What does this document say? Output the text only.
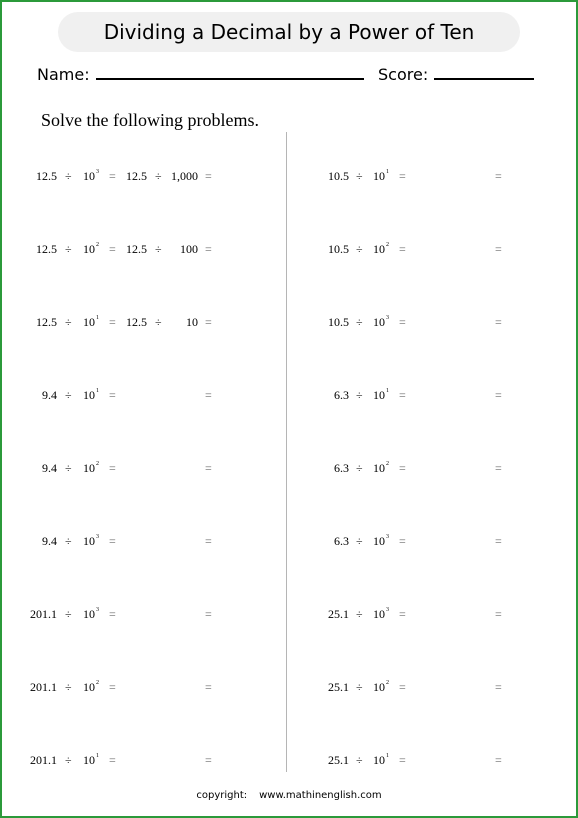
Dividing a Decimal by a Power of Ten
Name:	Score:
Solve the following problems.
$12.5 \div 10^3 = 12.5 \div 1,000$ =
$12.5 \div 10^2 = 12.5 \div 100$ =
$12.5 \div 10^1 = 12.5 \div 10$ =
$9.4 \div 10^1$ =	=
$9.4 \div 10^2$ =	=
$9.4 \div 10^3$ =	=
$201.1 \div 10^3$ =	=
$201.1 \div 10^2$ =	=
$201.1 \div 10^1$ =	=
$10.5 \div 10^1$ =	=
$10.5 \div 10^2$ =	=
$10.5 \div 10^3$ =	=
$6.3 \div 10^1$ =	=
$6.3 \div 10^2$ =	=
$6.3 \div 10^3$ =	=
$25.1 \div 10^3$ =	=
$25.1 \div 10^2$ =	=
$25.1 \div 10^1$ =	=
copyright: www.mathinenglish.com
